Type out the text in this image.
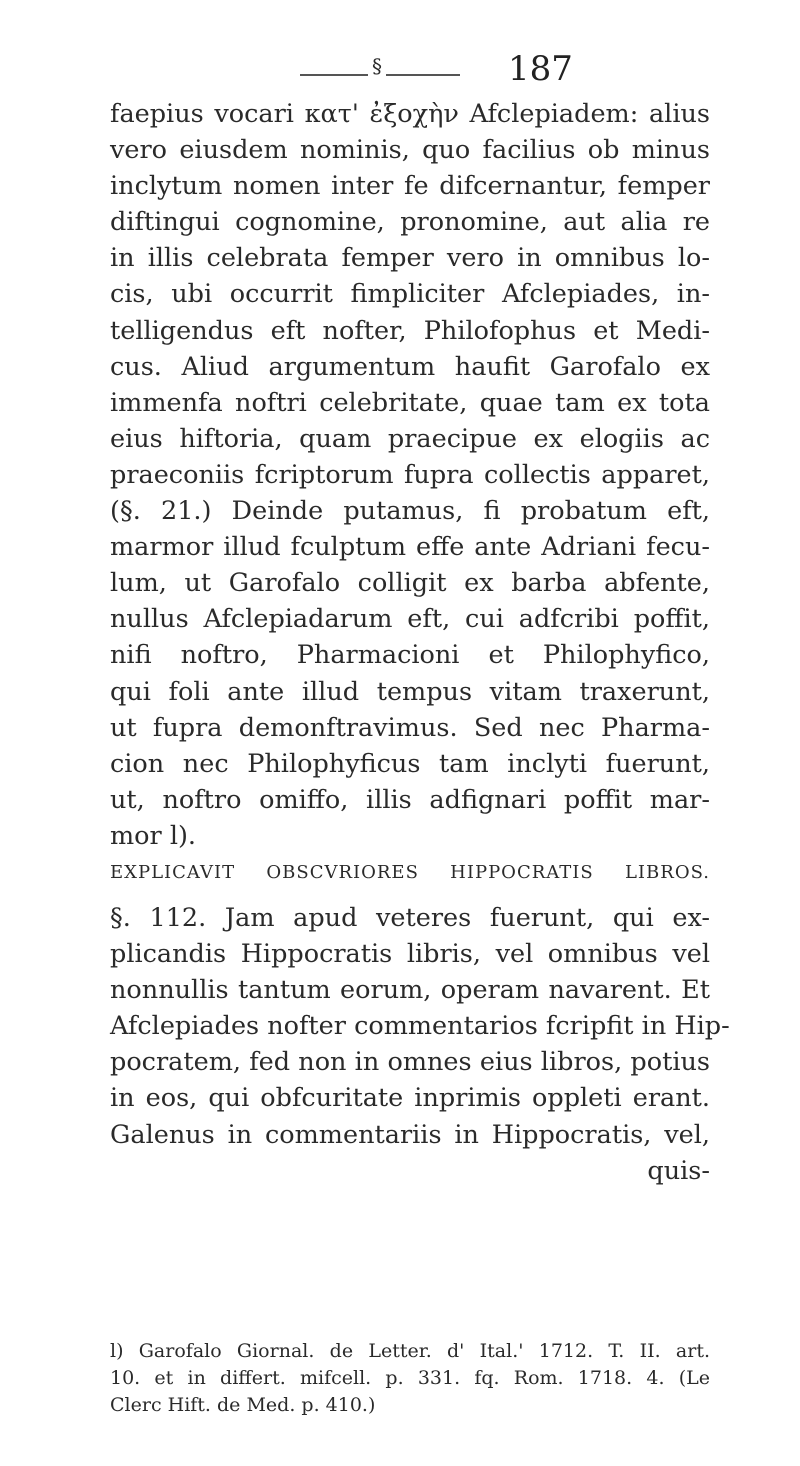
§	187
faepius vocari κατ' ἐξοχὴν Afclepiadem: alius
vero eiusdem nominis, quo facilius ob minus
inclytum nomen inter fe difcernantur, femper
diftingui cognomine, pronomine, aut alia re
in illis celebrata femper vero in omnibus lo-
cis, ubi occurrit fimpliciter Afclepiades, in-
telligendus eft nofter, Philofophus et Medi-
cus. Aliud argumentum haufit Garofalo ex
immenfa noftri celebritate, quae tam ex tota
eius hiftoria, quam praecipue ex elogiis ac
praeconiis fcriptorum fupra collectis apparet,
(§. 21.) Deinde putamus, fi probatum eft,
marmor illud fculptum effe ante Adriani fecu-
lum, ut Garofalo colligit ex barba abfente,
nullus Afclepiadarum eft, cui adfcribi poffit,
nifi noftro, Pharmacioni et Philophyfico,
qui foli ante illud tempus vitam traxerunt,
ut fupra demonftravimus. Sed nec Pharma-
cion nec Philophyficus tam inclyti fuerunt,
ut, noftro omiffo, illis adfignari poffit mar-
mor l).
EXPLICAVIT OBSCVRIORES HIPPOCRATIS LIBROS.
§. 112. Jam apud veteres fuerunt, qui ex-
plicandis Hippocratis libris, vel omnibus vel
nonnullis tantum eorum, operam navarent. Et
Afclepiades nofter commentarios fcripfit in Hip-
pocratem, fed non in omnes eius libros, potius
in eos, qui obfcuritate inprimis oppleti erant.
Galenus in commentariis in Hippocratis, vel,
quis-
l) Garofalo Giornal. de Letter. d' Ital.' 1712. T. II. art.
10. et in differt. mifcell. p. 331. fq. Rom. 1718. 4. (Le
Clerc Hift. de Med. p. 410.)
